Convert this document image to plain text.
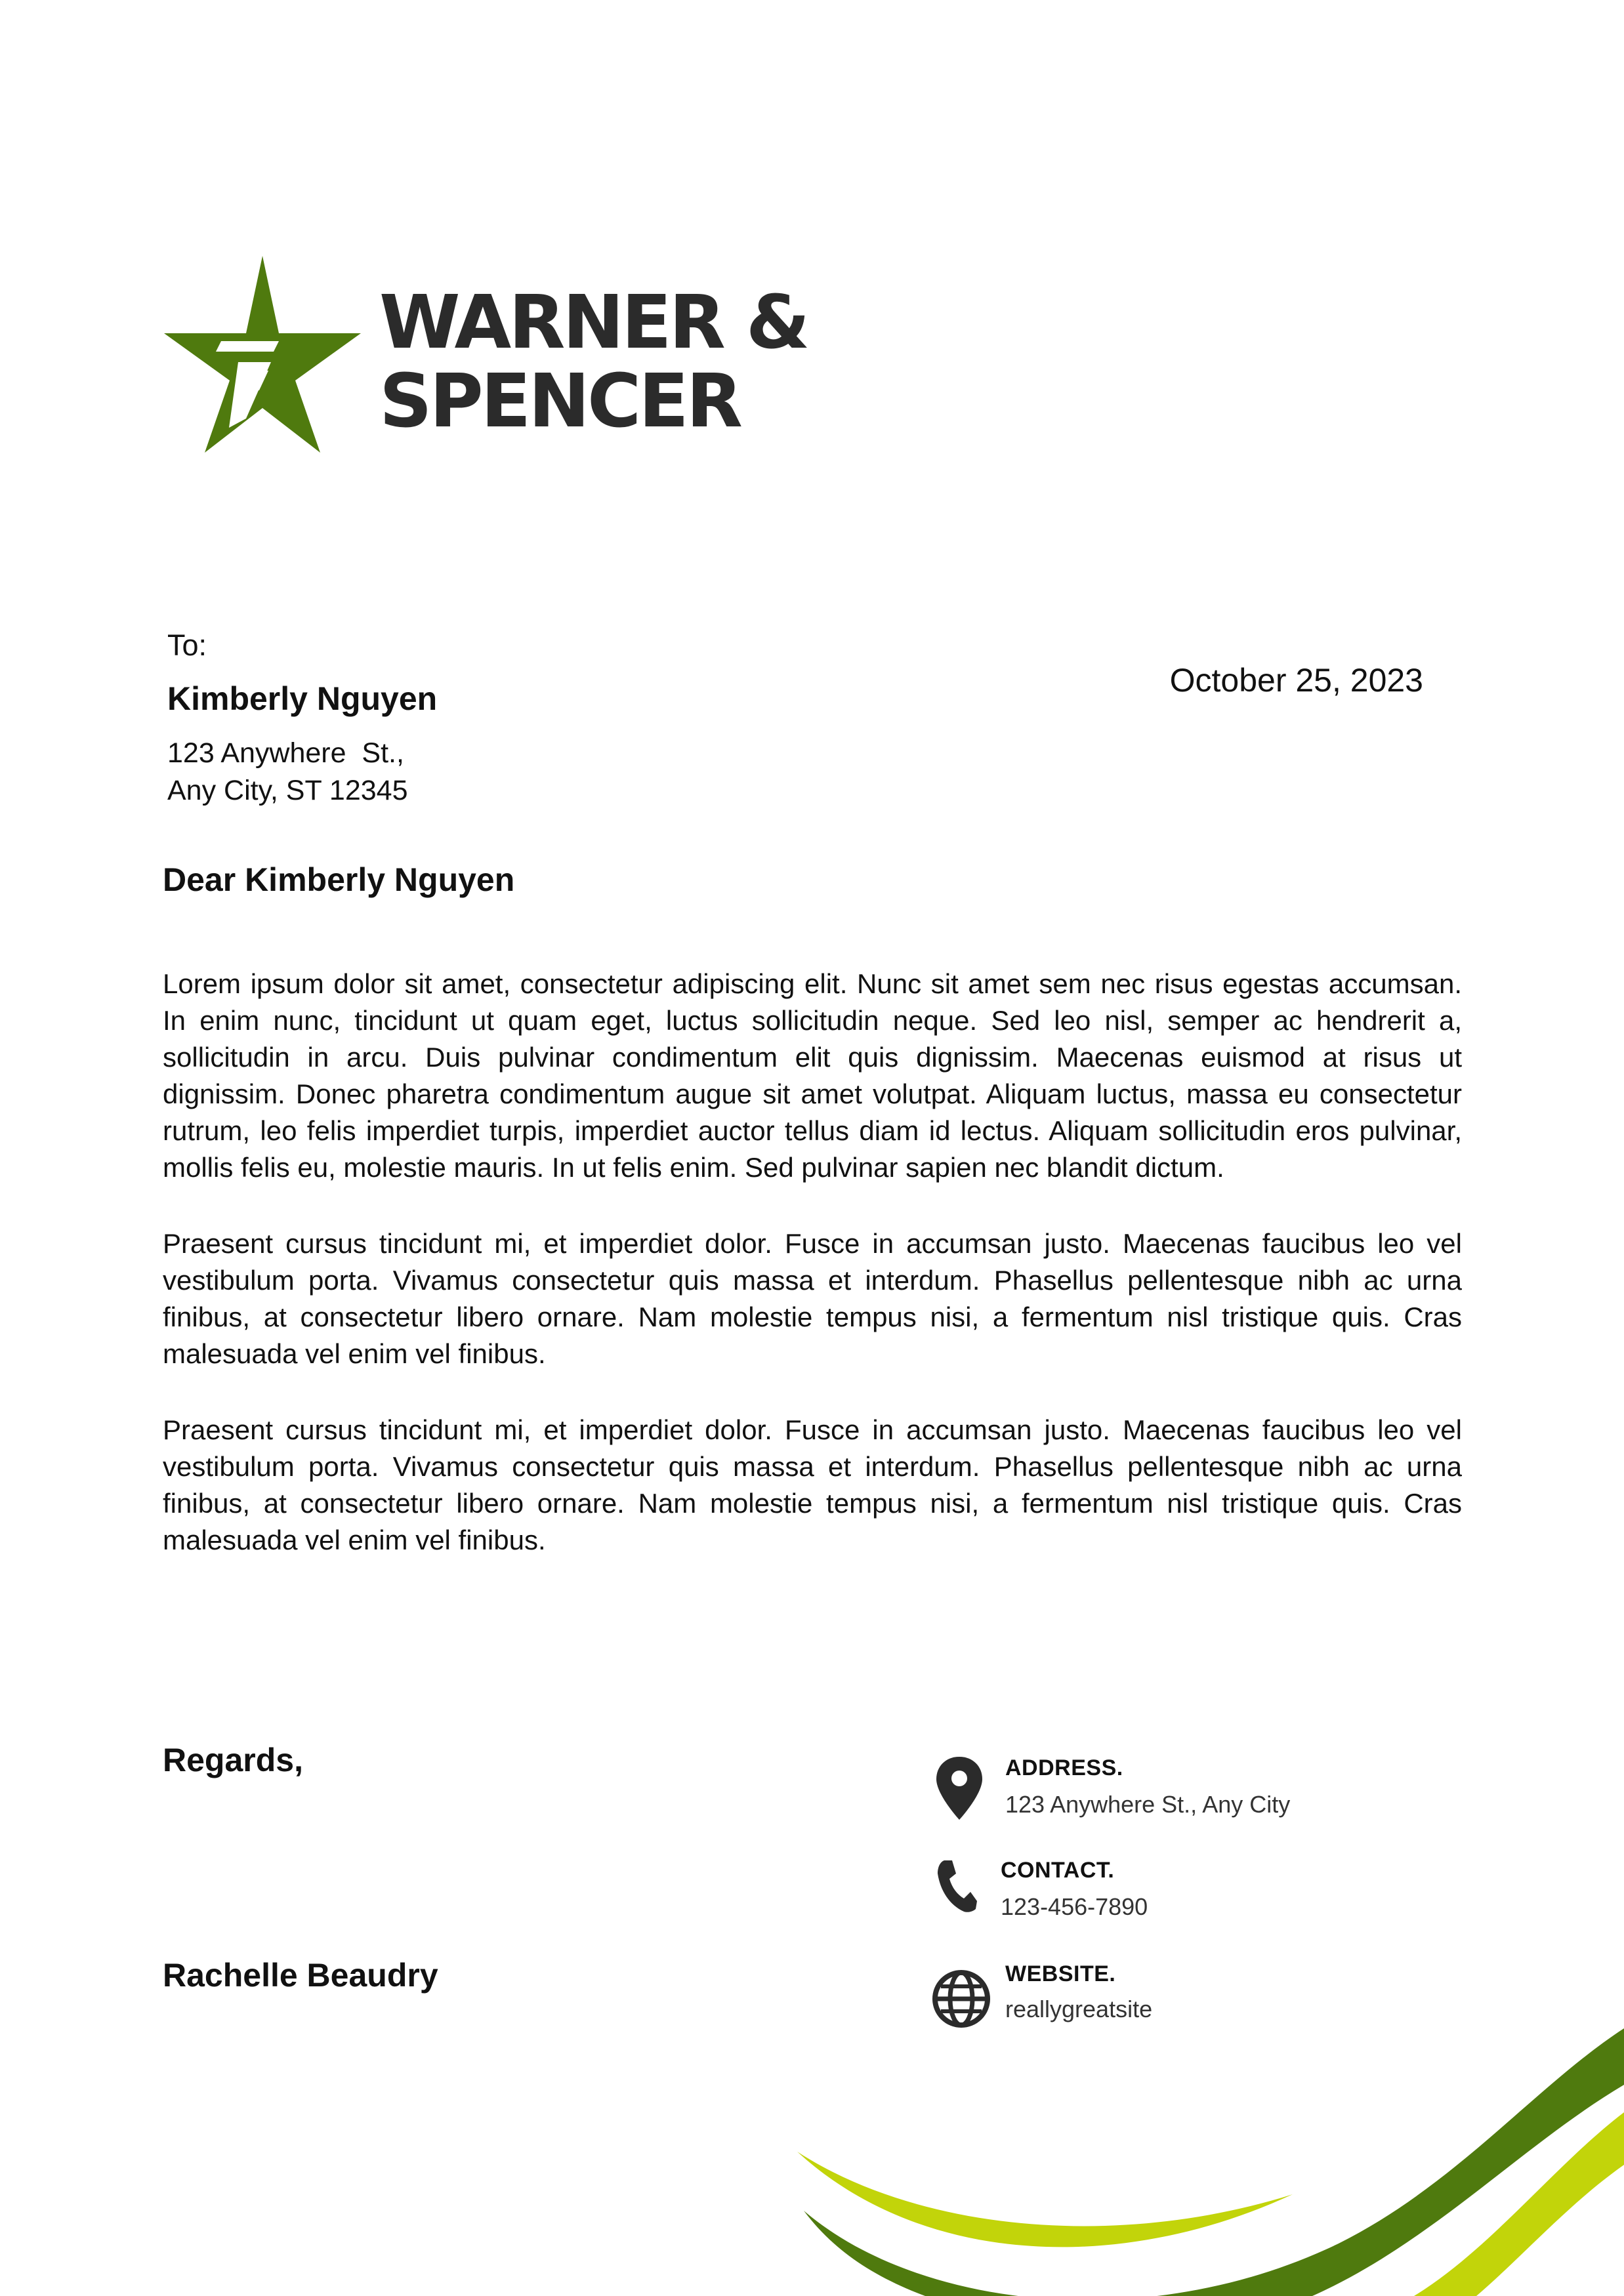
WARNER &
SPENCER
To:
Kimberly Nguyen
123 Anywhere  St.,
Any City, ST 12345
October 25, 2023
Dear Kimberly Nguyen

Lorem ipsum dolor sit amet, consectetur adipiscing elit. Nunc sit amet sem nec risus egestas accumsan. In enim nunc, tincidunt ut quam eget, luctus sollicitudin neque. Sed leo nisl, semper ac hendrerit a, sollicitudin in arcu. Duis pulvinar condimentum elit quis dignissim. Maecenas euismod at risus ut dignissim. Donec pharetra condimentum augue sit amet volutpat. Aliquam luctus, massa eu consectetur rutrum, leo felis imperdiet turpis, imperdiet auctor tellus diam id lectus. Aliquam sollicitudin eros pulvinar, mollis felis eu, molestie mauris. In ut felis enim. Sed pulvinar sapien nec blandit dictum.

Praesent cursus tincidunt mi, et imperdiet dolor. Fusce in accumsan justo. Maecenas faucibus leo vel vestibulum porta. Vivamus consectetur quis massa et interdum. Phasellus pellentesque nibh ac urna finibus, at consectetur libero ornare. Nam molestie tempus nisi, a fermentum nisl tristique quis. Cras malesuada vel enim vel finibus.

Praesent cursus tincidunt mi, et imperdiet dolor. Fusce in accumsan justo. Maecenas faucibus leo vel vestibulum porta. Vivamus consectetur quis massa et interdum. Phasellus pellentesque nibh ac urna finibus, at consectetur libero ornare. Nam molestie tempus nisi, a fermentum nisl tristique quis. Cras malesuada vel enim vel finibus.

Regards,
Rachelle Beaudry
ADDRESS.
123 Anywhere St., Any City
CONTACT.
123-456-7890
WEBSITE.
reallygreatsite
